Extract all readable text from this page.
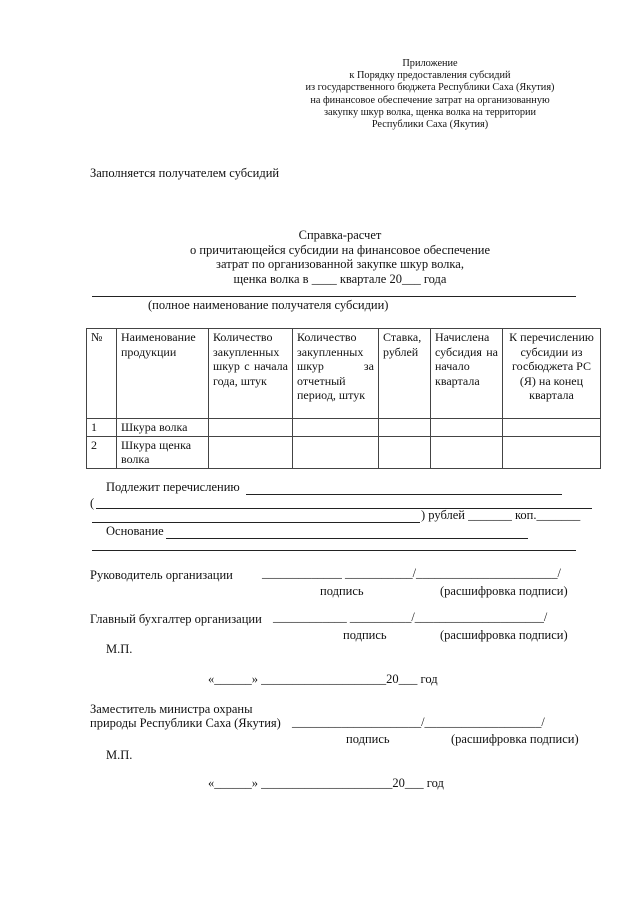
Приложение
к Порядку предоставления субсидий
из государственного бюджета Республики Саха (Якутия)
на финансовое обеспечение затрат на организованную
закупку шкур волка, щенка волка на территории
Республики Саха (Якутия)
Заполняется получателем субсидий
Справка-расчет
о причитающейся субсидии на финансовое обеспечение
затрат по организованной закупке шкур волка,
щенка волка в ____ квартале 20___ года
(полное наименование получателя субсидии)
№	Наименование продукции	Количество закупленных шкур с начала года, штук	Количество закупленных шкур за отчетный период, штук	Ставка, рублей	Начислена субсидия на начало квартала	К перечислению субсидии из госбюджета РС (Я) на конец квартала
1	Шкура волка					
2	Шкура щенка волка					
Подлежит перечислению
(
) рублей _______ коп._______
Основание
Руководитель организации _____________ ___________/_______________________/
подпись	(расшифровка подписи)
Главный бухгалтер организации ____________ __________/_____________________/
подпись	(расшифровка подписи)
М.П.
«______» ____________________20___ год
Заместитель министра охраны
природы Республики Саха (Якутия) _____________________/___________________/
подпись	(расшифровка подписи)
М.П.
«______» _____________________20___ год
